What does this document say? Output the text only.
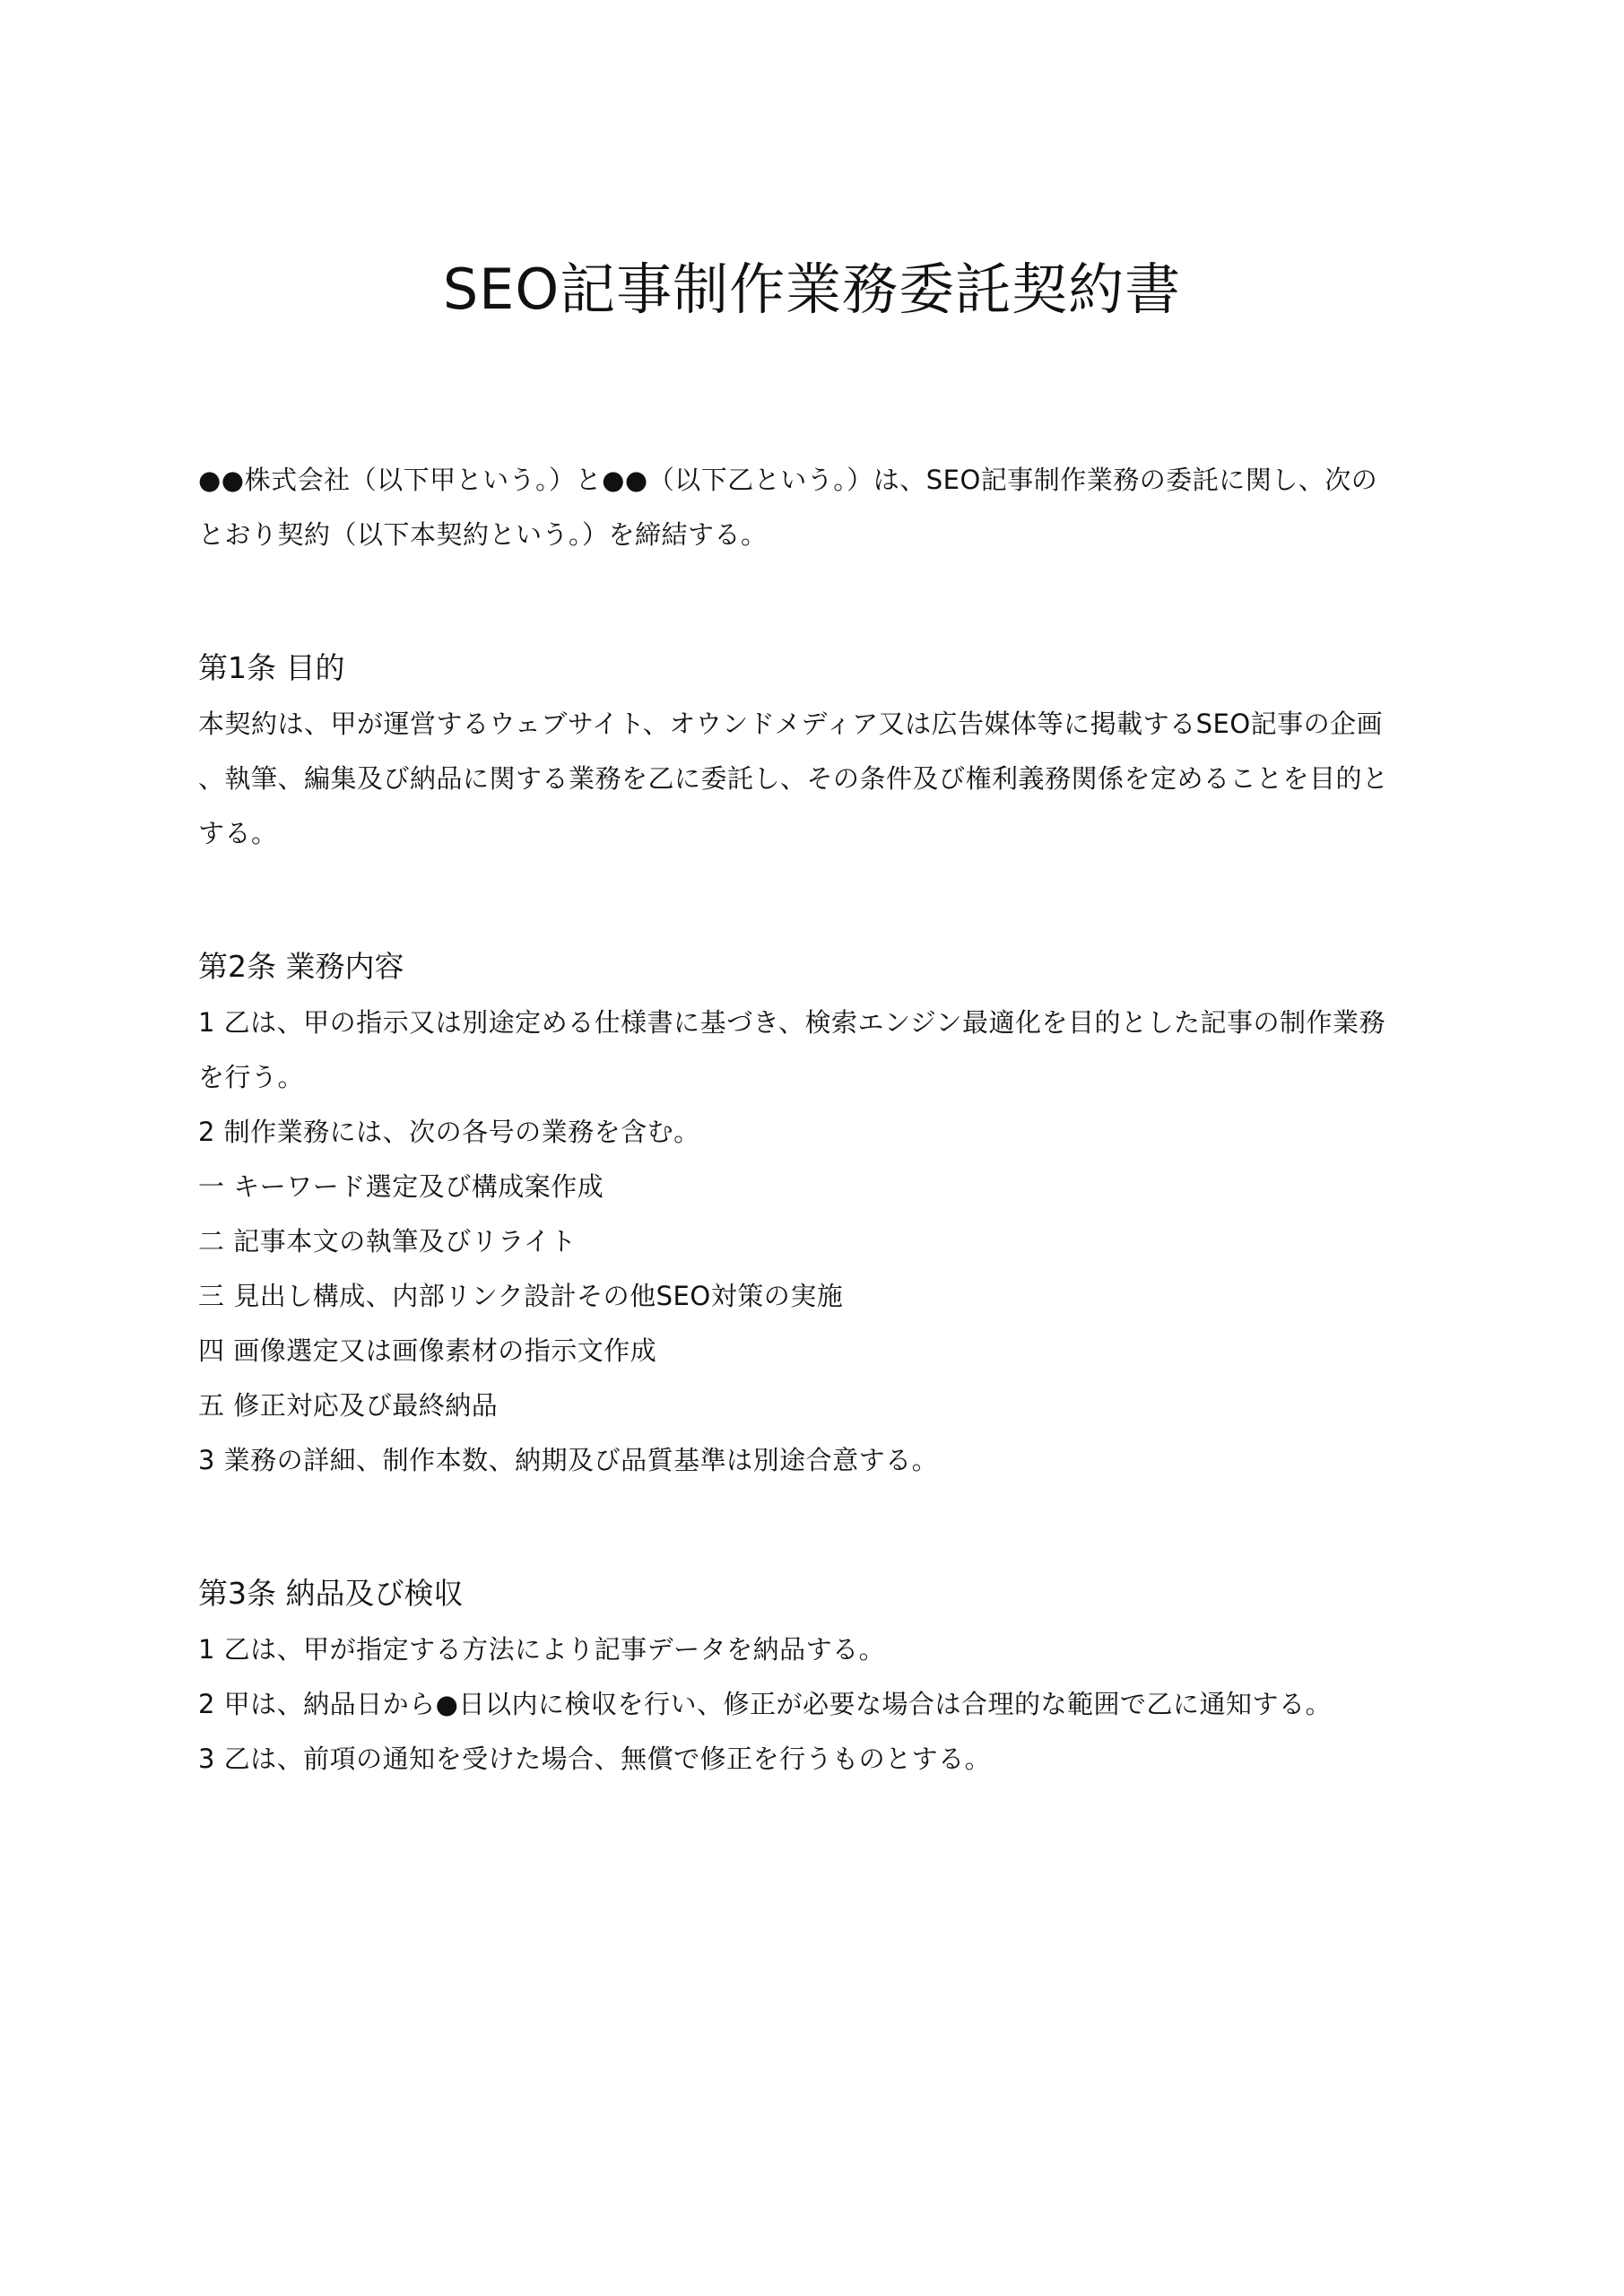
SEO記事制作業務委託契約書

●●株式会社（以下甲という。）と●●（以下乙という。）は、SEO記事制作業務の委託に関し、次の

とおり契約（以下本契約という。）を締結する。

第1条 目的

本契約は、甲が運営するウェブサイト、オウンドメディア又は広告媒体等に掲載するSEO記事の企画

、執筆、編集及び納品に関する業務を乙に委託し、その条件及び権利義務関係を定めることを目的と

する。

第2条 業務内容

1 乙は、甲の指示又は別途定める仕様書に基づき、検索エンジン最適化を目的とした記事の制作業務

を行う。

2 制作業務には、次の各号の業務を含む。

一 キーワード選定及び構成案作成

二 記事本文の執筆及びリライト

三 見出し構成、内部リンク設計その他SEO対策の実施

四 画像選定又は画像素材の指示文作成

五 修正対応及び最終納品

3 業務の詳細、制作本数、納期及び品質基準は別途合意する。

第3条 納品及び検収

1 乙は、甲が指定する方法により記事データを納品する。

2 甲は、納品日から●日以内に検収を行い、修正が必要な場合は合理的な範囲で乙に通知する。

3 乙は、前項の通知を受けた場合、無償で修正を行うものとする。
